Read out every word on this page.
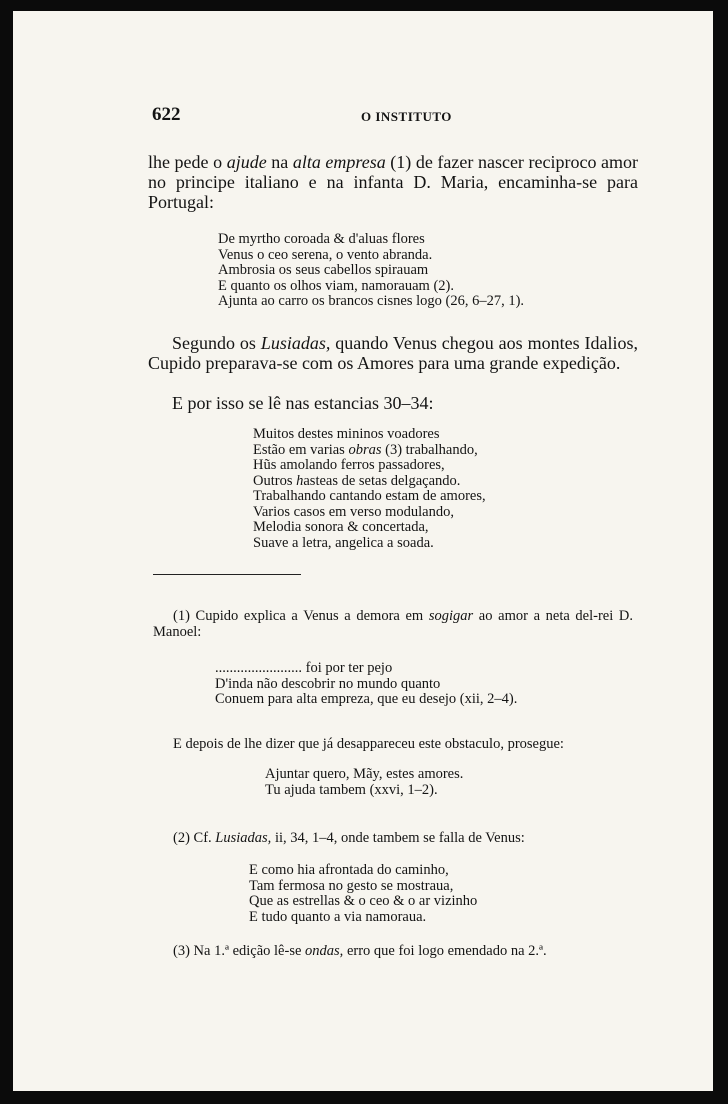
622	O INSTITUTO
lhe pede o ajude na alta empresa (1) de fazer nascer reciproco amor no principe italiano e na infanta D. Maria, encaminha-se para Portugal:
De myrtho coroada & d'aluas flores
Venus o ceo serena, o vento abranda.
Ambrosia os seus cabellos spirauam
E quanto os olhos viam, namorauam (2).
Ajunta ao carro os brancos cisnes logo (26, 6–27, 1).
Segundo os Lusiadas, quando Venus chegou aos montes Idalios, Cupido preparava-se com os Amores para uma grande expedição.
E por isso se lê nas estancias 30–34:
Muitos destes mininos voadores
Estão em varias obras (3) trabalhando,
Hũs amolando ferros passadores,
Outros hasteas de setas delgaçando.
Trabalhando cantando estam de amores,
Varios casos em verso modulando,
Melodia sonora & concertada,
Suave a letra, angelica a soada.
(1) Cupido explica a Venus a demora em sogigar ao amor a neta del-rei D. Manoel:
........................ foi por ter pejo
D'inda não descobrir no mundo quanto
Conuem para alta empreza, que eu desejo (xii, 2–4).
E depois de lhe dizer que já desappareceu este obstaculo, prosegue:
Ajuntar quero, Mãy, estes amores.
Tu ajuda tambem (xxvi, 1–2).
(2) Cf. Lusiadas, ii, 34, 1–4, onde tambem se falla de Venus:
E como hia afrontada do caminho,
Tam fermosa no gesto se mostraua,
Que as estrellas & o ceo & o ar vizinho
E tudo quanto a via namoraua.
(3) Na 1.ª edição lê-se ondas, erro que foi logo emendado na 2.ª.
